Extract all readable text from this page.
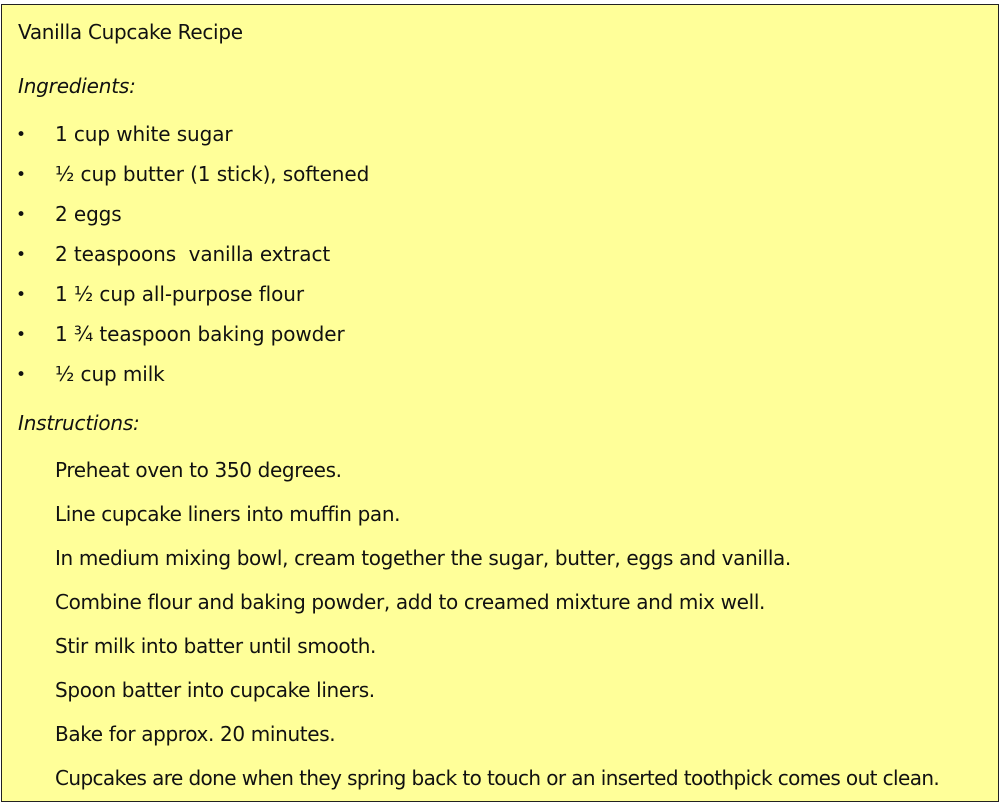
Vanilla Cupcake Recipe
Ingredients:
• 1 cup white sugar
• ½ cup butter (1 stick), softened
• 2 eggs
• 2 teaspoons  vanilla extract
• 1 ½ cup all-purpose flour
• 1 ¾ teaspoon baking powder
• ½ cup milk
Instructions:
Preheat oven to 350 degrees.
Line cupcake liners into muffin pan.
In medium mixing bowl, cream together the sugar, butter, eggs and vanilla.
Combine flour and baking powder, add to creamed mixture and mix well.
Stir milk into batter until smooth.
Spoon batter into cupcake liners.
Bake for approx. 20 minutes.
Cupcakes are done when they spring back to touch or an inserted toothpick comes out clean.
